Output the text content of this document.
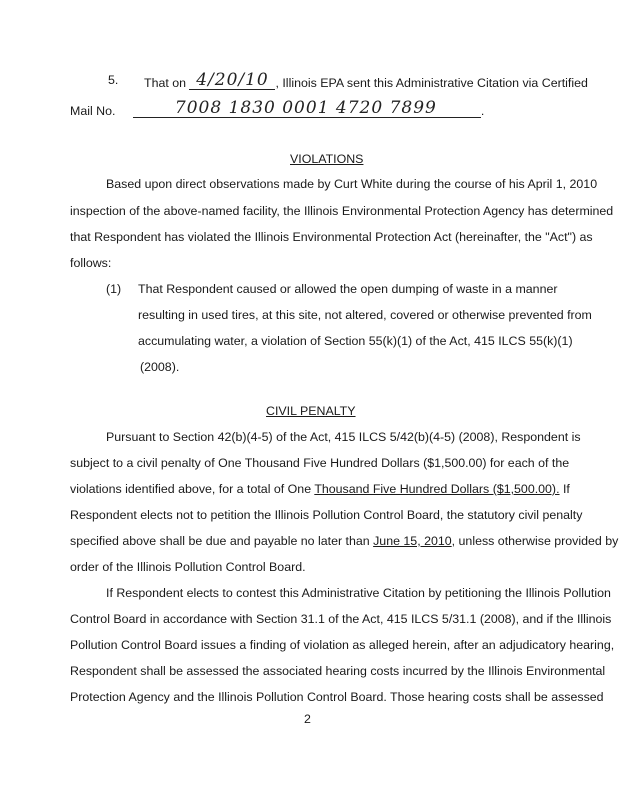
5. That on 4/20/10 , Illinois EPA sent this Administrative Citation via Certified
Mail No.	7008 1830 0001 4720 7899	.
VIOLATIONS
Based upon direct observations made by Curt White during the course of his April 1, 2010
inspection of the above-named facility, the Illinois Environmental Protection Agency has determined
that Respondent has violated the Illinois Environmental Protection Act (hereinafter, the "Act") as
follows:
(1) That Respondent caused or allowed the open dumping of waste in a manner
resulting in used tires, at this site, not altered, covered or otherwise prevented from
accumulating water, a violation of Section 55(k)(1) of the Act, 415 ILCS 55(k)(1)
(2008).
CIVIL PENALTY
Pursuant to Section 42(b)(4-5) of the Act, 415 ILCS 5/42(b)(4-5) (2008), Respondent is
subject to a civil penalty of One Thousand Five Hundred Dollars ($1,500.00) for each of the
violations identified above, for a total of One Thousand Five Hundred Dollars ($1,500.00). If
Respondent elects not to petition the Illinois Pollution Control Board, the statutory civil penalty
specified above shall be due and payable no later than June 15, 2010, unless otherwise provided by
order of the Illinois Pollution Control Board.
If Respondent elects to contest this Administrative Citation by petitioning the Illinois Pollution
Control Board in accordance with Section 31.1 of the Act, 415 ILCS 5/31.1 (2008), and if the Illinois
Pollution Control Board issues a finding of violation as alleged herein, after an adjudicatory hearing,
Respondent shall be assessed the associated hearing costs incurred by the Illinois Environmental
Protection Agency and the Illinois Pollution Control Board. Those hearing costs shall be assessed
2
